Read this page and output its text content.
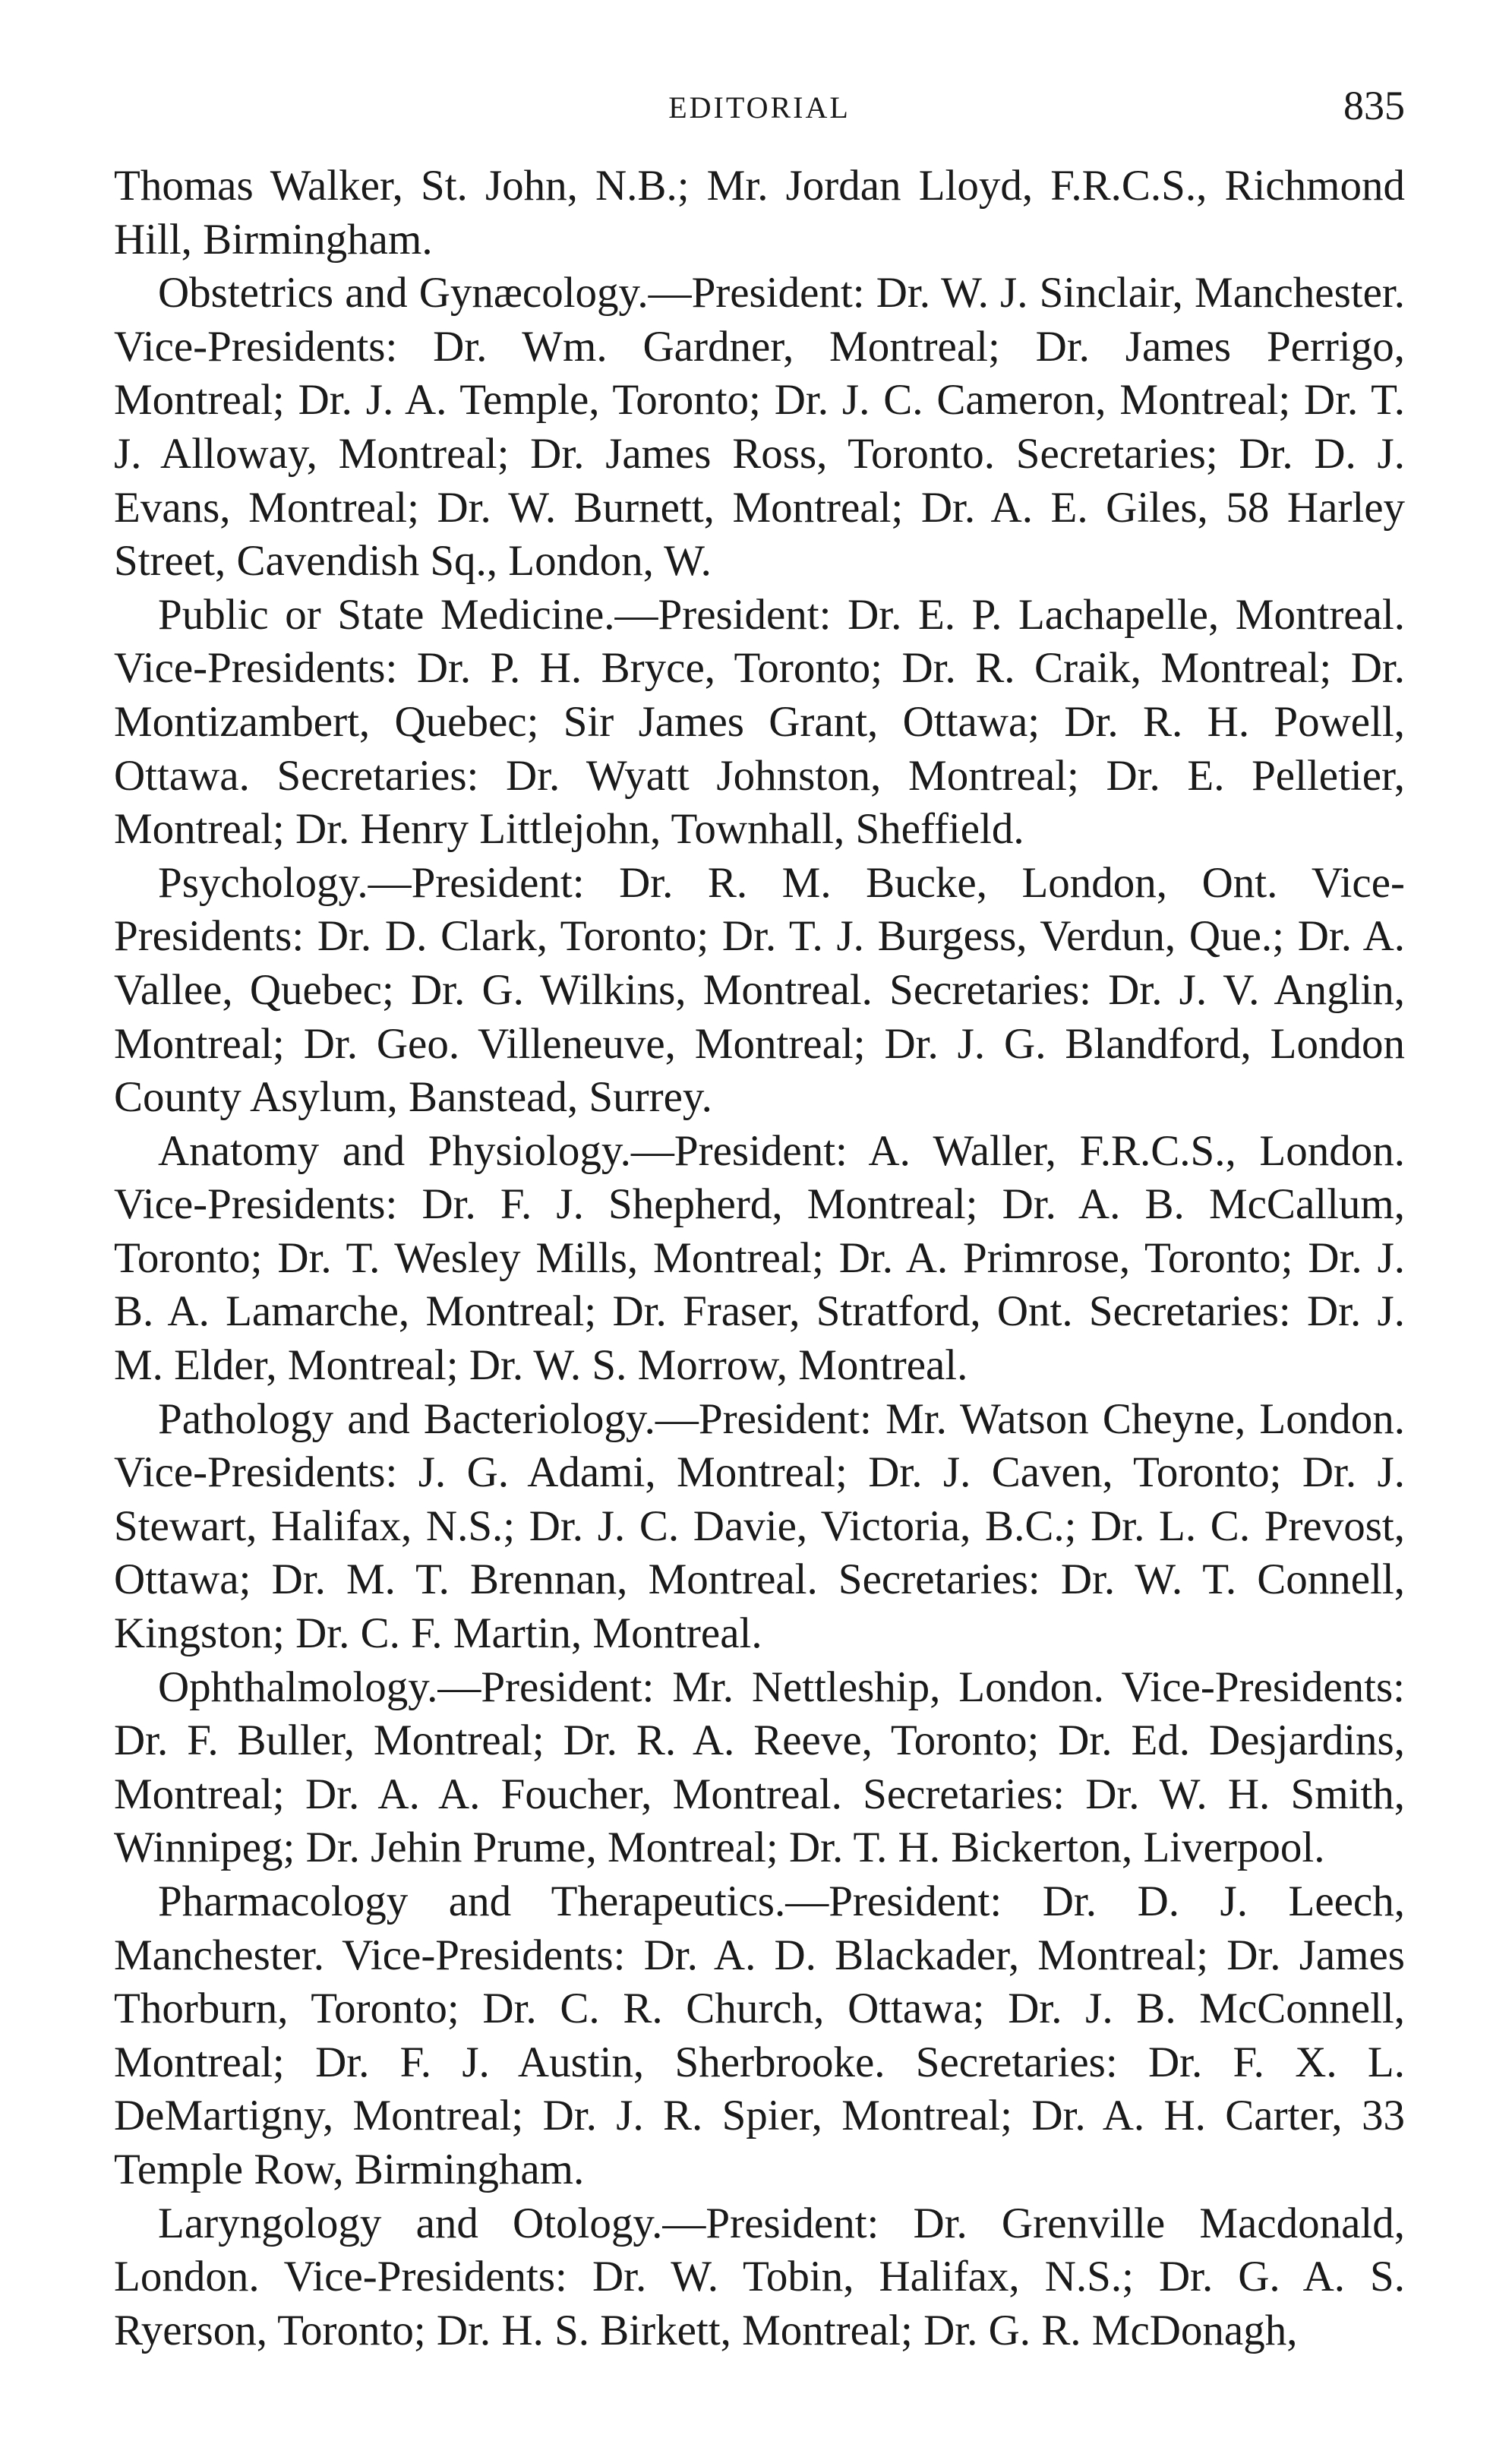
EDITORIAL	835

Thomas Walker, St. John, N.B.; Mr. Jordan Lloyd, F.R.C.S., Richmond Hill, Birmingham.

Obstetrics and Gynæcology.—President: Dr. W. J. Sinclair, Manchester. Vice-Presidents: Dr. Wm. Gardner, Montreal; Dr. James Perrigo, Montreal; Dr. J. A. Temple, Toronto; Dr. J. C. Cameron, Montreal; Dr. T. J. Alloway, Montreal; Dr. James Ross, Toronto. Secretaries; Dr. D. J. Evans, Montreal; Dr. W. Burnett, Montreal; Dr. A. E. Giles, 58 Harley Street, Cavendish Sq., London, W.

Public or State Medicine.—President: Dr. E. P. Lachapelle, Montreal. Vice-Presidents: Dr. P. H. Bryce, Toronto; Dr. R. Craik, Montreal; Dr. Montizambert, Quebec; Sir James Grant, Ottawa; Dr. R. H. Powell, Ottawa. Secretaries: Dr. Wyatt Johnston, Montreal; Dr. E. Pelletier, Montreal; Dr. Henry Littlejohn, Townhall, Sheffield.

Psychology.—President: Dr. R. M. Bucke, London, Ont. Vice-Presidents: Dr. D. Clark, Toronto; Dr. T. J. Burgess, Verdun, Que.; Dr. A. Vallee, Quebec; Dr. G. Wilkins, Montreal. Secretaries: Dr. J. V. Anglin, Montreal; Dr. Geo. Villeneuve, Montreal; Dr. J. G. Blandford, London County Asylum, Banstead, Surrey.

Anatomy and Physiology.—President: A. Waller, F.R.C.S., London. Vice-Presidents: Dr. F. J. Shepherd, Montreal; Dr. A. B. McCallum, Toronto; Dr. T. Wesley Mills, Montreal; Dr. A. Primrose, Toronto; Dr. J. B. A. Lamarche, Montreal; Dr. Fraser, Stratford, Ont. Secretaries: Dr. J. M. Elder, Montreal; Dr. W. S. Morrow, Montreal.

Pathology and Bacteriology.—President: Mr. Watson Cheyne, London. Vice-Presidents: J. G. Adami, Montreal; Dr. J. Caven, Toronto; Dr. J. Stewart, Halifax, N.S.; Dr. J. C. Davie, Victoria, B.C.; Dr. L. C. Prevost, Ottawa; Dr. M. T. Brennan, Montreal. Secretaries: Dr. W. T. Connell, Kingston; Dr. C. F. Martin, Montreal.

Ophthalmology.—President: Mr. Nettleship, London. Vice-Presidents: Dr. F. Buller, Montreal; Dr. R. A. Reeve, Toronto; Dr. Ed. Desjardins, Montreal; Dr. A. A. Foucher, Montreal. Secretaries: Dr. W. H. Smith, Winnipeg; Dr. Jehin Prume, Montreal; Dr. T. H. Bickerton, Liverpool.

Pharmacology and Therapeutics.—President: Dr. D. J. Leech, Manchester. Vice-Presidents: Dr. A. D. Blackader, Montreal; Dr. James Thorburn, Toronto; Dr. C. R. Church, Ottawa; Dr. J. B. McConnell, Montreal; Dr. F. J. Austin, Sherbrooke. Secretaries: Dr. F. X. L. DeMartigny, Montreal; Dr. J. R. Spier, Montreal; Dr. A. H. Carter, 33 Temple Row, Birmingham.

Laryngology and Otology.—President: Dr. Grenville Macdonald, London. Vice-Presidents: Dr. W. Tobin, Halifax, N.S.; Dr. G. A. S. Ryerson, Toronto; Dr. H. S. Birkett, Montreal; Dr. G. R. McDonagh,
